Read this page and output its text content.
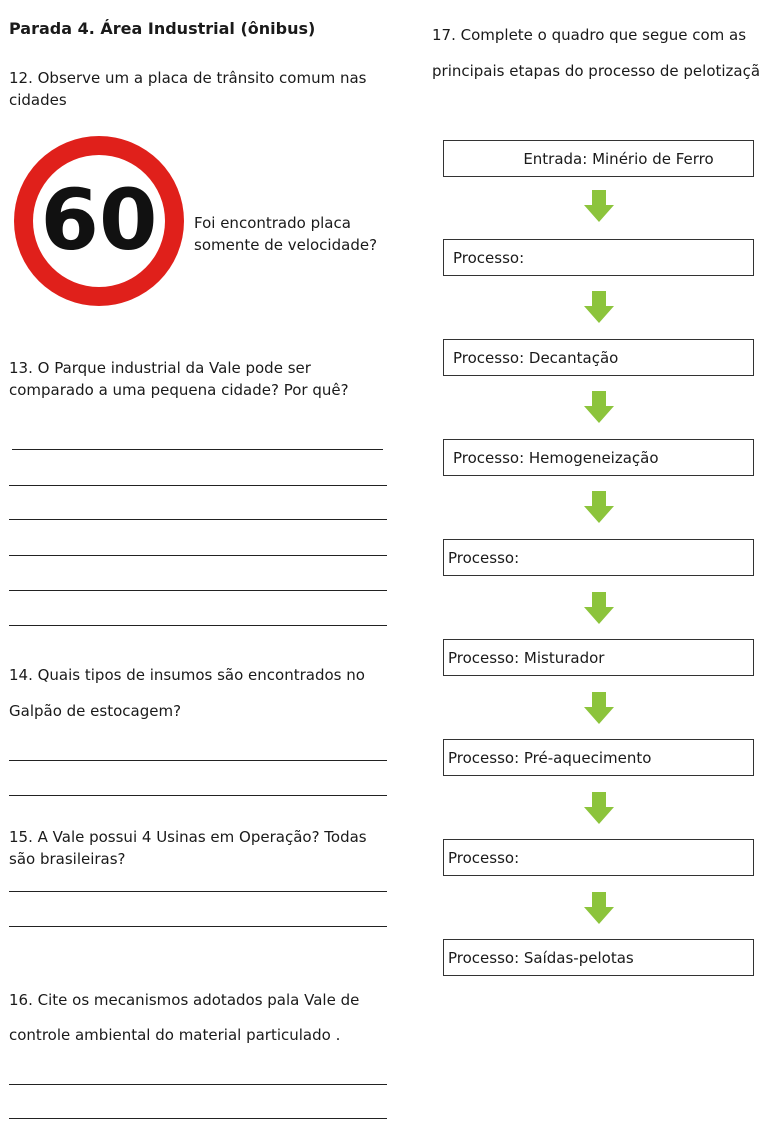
Parada 4. Área Industrial (ônibus)
12. Observe um a placa de trânsito comum nas
cidades
60 Foi encontrado placa
somente de velocidade?
13. O Parque industrial da Vale pode ser
comparado a uma pequena cidade? Por quê?
14. Quais tipos de insumos são encontrados no
Galpão de estocagem?
15. A Vale possui 4 Usinas em Operação? Todas
são brasileiras?
16. Cite os mecanismos adotados pala Vale de
controle ambiental do material particulado .
17. Complete o quadro que segue com as
principais etapas do processo de pelotizaçã
Entrada: Minério de Ferro
Processo:
Processo: Decantação
Processo: Hemogeneização
Processo:
Processo: Misturador
Processo: Pré-aquecimento
Processo:
Processo: Saídas-pelotas
